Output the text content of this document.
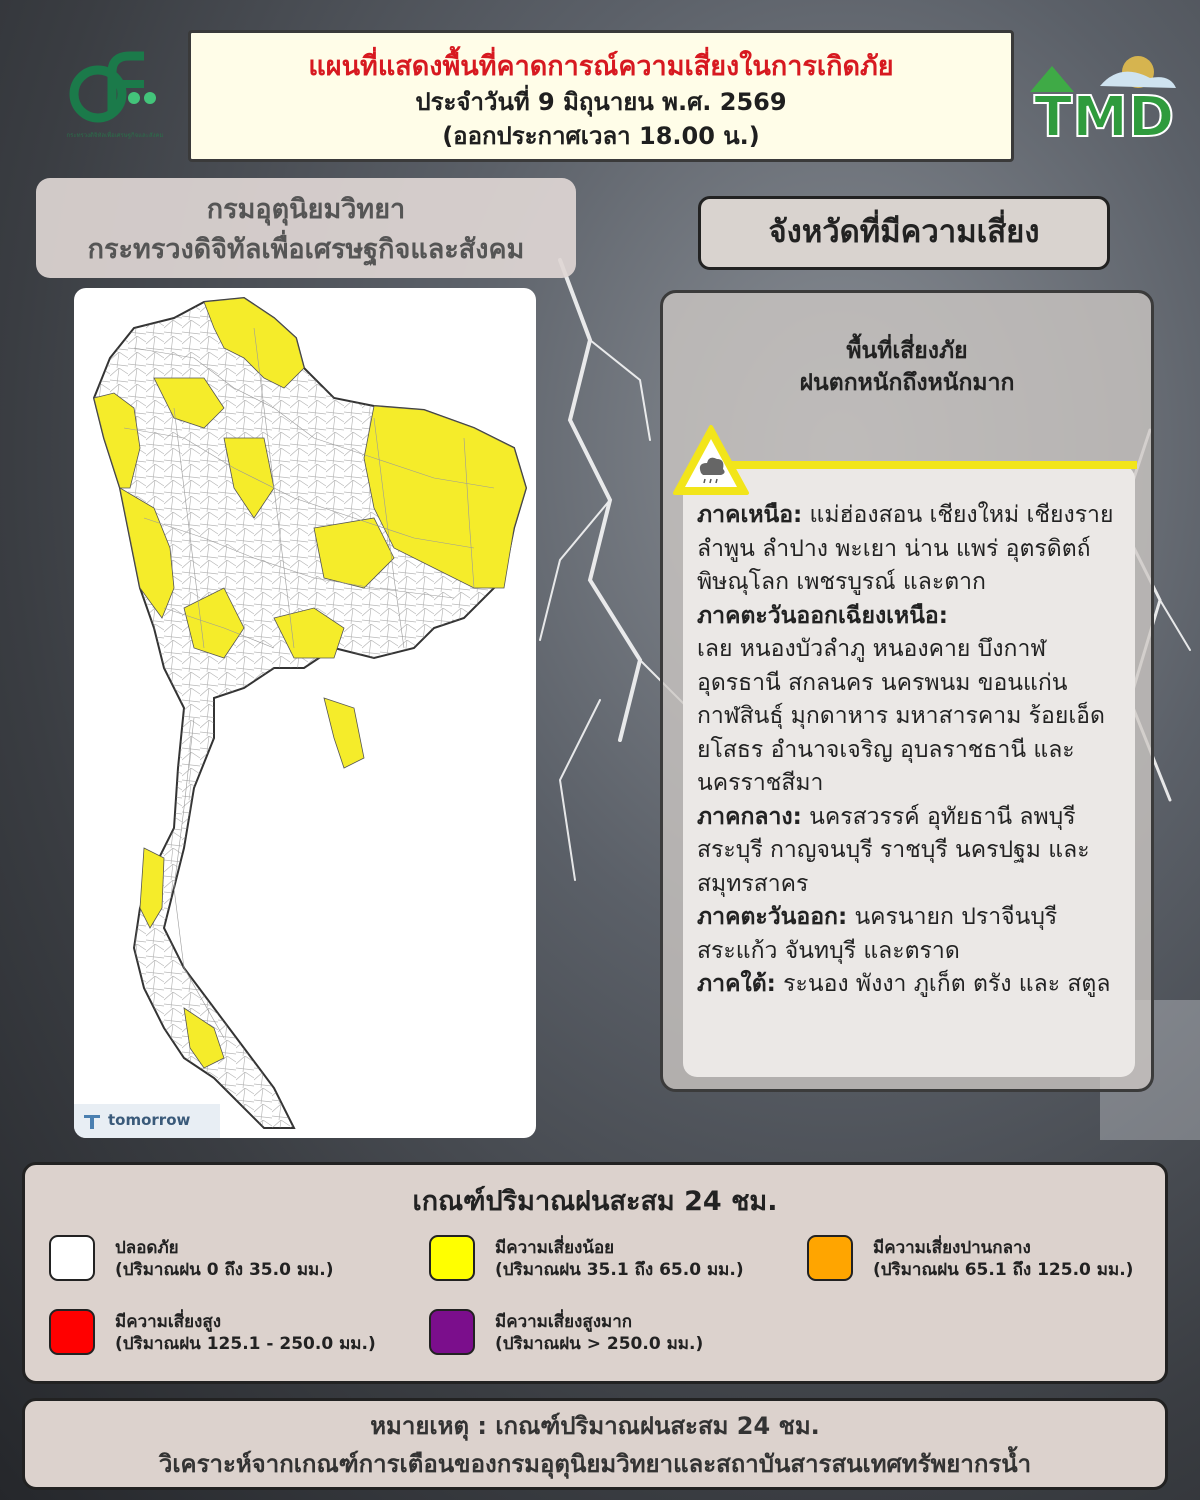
กระทรวงดิจิทัลเพื่อเศรษฐกิจและสังคม
แผนที่แสดงพื้นที่คาดการณ์ความเสี่ยงในการเกิดภัย
ประจำวันที่ 9 มิถุนายน พ.ศ. 2569
(ออกประกาศเวลา 18.00 น.)	TMD
กรมอุตุนิยมวิทยา
กระทรวงดิจิทัลเพื่อเศรษฐกิจและสังคม
tomorrow
จังหวัดที่มีความเสี่ยง
พื้นที่เสี่ยงภัย
ฝนตกหนักถึงหนักมาก

ภาคเหนือ: แม่ฮ่องสอน เชียงใหม่ เชียงราย ลำพูน ลำปาง พะเยา น่าน แพร่ อุตรดิตถ์ พิษณุโลก เพชรบูรณ์ และตาก

ภาคตะวันออกเฉียงเหนือ:
เลย หนองบัวลำภู หนองคาย บึงกาฬ อุดรธานี สกลนคร นครพนม ขอนแก่น กาฬสินธุ์ มุกดาหาร มหาสารคาม ร้อยเอ็ด ยโสธร อำนาจเจริญ อุบลราชธานี และนครราชสีมา

ภาคกลาง: นครสวรรค์ อุทัยธานี ลพบุรี สระบุรี กาญจนบุรี ราชบุรี นครปฐม และสมุทรสาคร

ภาคตะวันออก: นครนายก ปราจีนบุรี สระแก้ว จันทบุรี และตราด

ภาคใต้: ระนอง พังงา ภูเก็ต ตรัง และ สตูล

เกณฑ์ปริมาณฝนสะสม 24 ชม.
ปลอดภัย
(ปริมาณฝน 0 ถึง 35.0 มม.)
มีความเสี่ยงน้อย
(ปริมาณฝน 35.1 ถึง 65.0 มม.)
มีความเสี่ยงปานกลาง
(ปริมาณฝน 65.1 ถึง 125.0 มม.)
มีความเสี่ยงสูง
(ปริมาณฝน 125.1 - 250.0 มม.)
มีความเสี่ยงสูงมาก
(ปริมาณฝน > 250.0 มม.)
หมายเหตุ : เกณฑ์ปริมาณฝนสะสม 24 ชม.
วิเคราะห์จากเกณฑ์การเตือนของกรมอุตุนิยมวิทยาและสถาบันสารสนเทศทรัพยากรน้ำ
